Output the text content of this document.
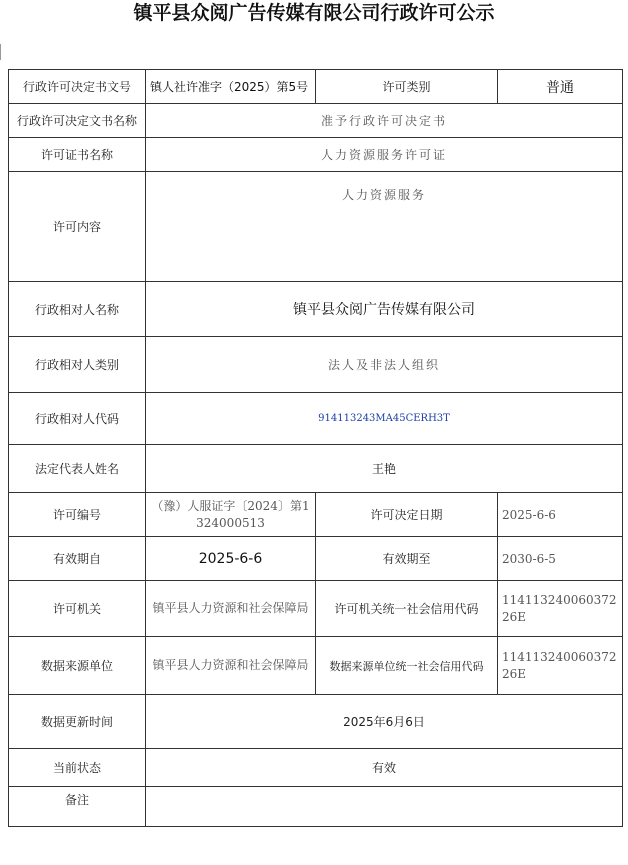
镇平县众阅广告传媒有限公司行政许可公示
行政许可决定书文号	镇人社许准字（2025）第5号	许可类别	普通
行政许可决定文书名称	准予行政许可决定书		
许可证书名称	人力资源服务许可证		
许可内容	人力资源服务		
行政相对人名称	镇平县众阅广告传媒有限公司		
行政相对人类别	法人及非法人组织		
行政相对人代码	914113243MA45CERH3T		
法定代表人姓名	王艳		
许可编号	（豫）人服证字〔2024〕第1324000513	许可决定日期	2025-6-6
有效期自	2025-6-6	有效期至	2030-6-5
许可机关	镇平县人力资源和社会保障局	许可机关统一社会信用代码	11411324006037226E
数据来源单位	镇平县人力资源和社会保障局	数据来源单位统一社会信用代码	11411324006037226E
数据更新时间	2025年6月6日		
当前状态	有效		
备注			
